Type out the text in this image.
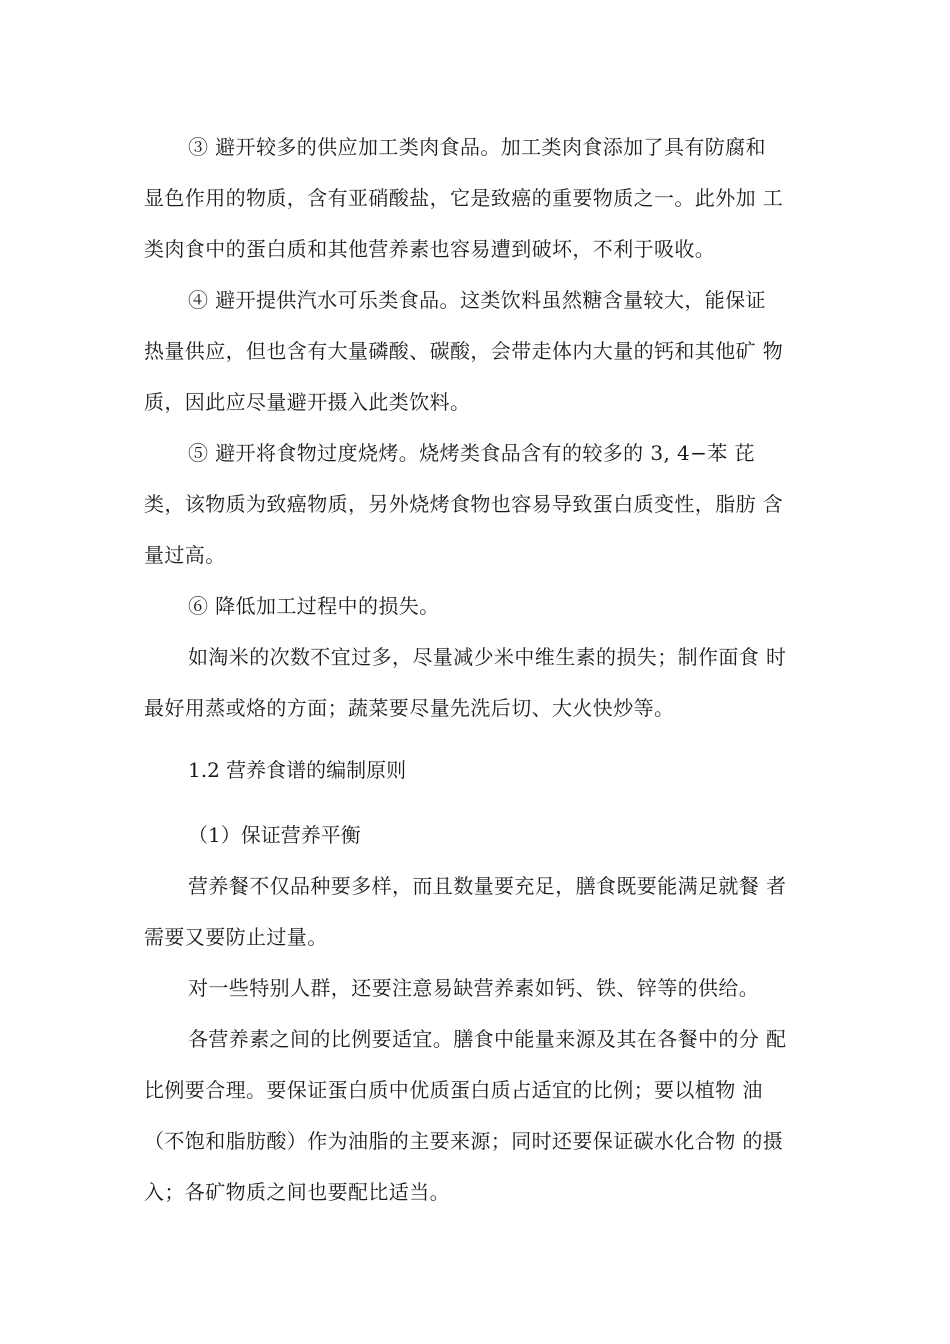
③ 避开较多的供应加工类肉食品。加工类肉食添加了具有防腐和
显色作用的物质，含有亚硝酸盐，它是致癌的重要物质之一。此外加 工
类肉食中的蛋白质和其他营养素也容易遭到破坏，不利于吸收。

④ 避开提供汽水可乐类食品。这类饮料虽然糖含量较大，能保证
热量供应，但也含有大量磷酸、碳酸，会带走体内大量的钙和其他矿 物
质，因此应尽量避开摄入此类饮料。

⑤ 避开将食物过度烧烤。烧烤类食品含有的较多的 3, 4−苯 芘
类，该物质为致癌物质，另外烧烤食物也容易导致蛋白质变性，脂肪 含
量过高。

⑥ 降低加工过程中的损失。

如淘米的次数不宜过多，尽量减少米中维生素的损失；制作面食 时
最好用蒸或烙的方面；蔬菜要尽量先洗后切、大火快炒等。

1.2 营养食谱的编制原则

（1）保证营养平衡

营养餐不仅品种要多样，而且数量要充足，膳食既要能满足就餐 者
需要又要防止过量。

对一些特别人群，还要注意易缺营养素如钙、铁、锌等的供给。

各营养素之间的比例要适宜。膳食中能量来源及其在各餐中的分 配
比例要合理。要保证蛋白质中优质蛋白质占适宜的比例；要以植物 油
（不饱和脂肪酸）作为油脂的主要来源；同时还要保证碳水化合物 的摄
入；各矿物质之间也要配比适当。
